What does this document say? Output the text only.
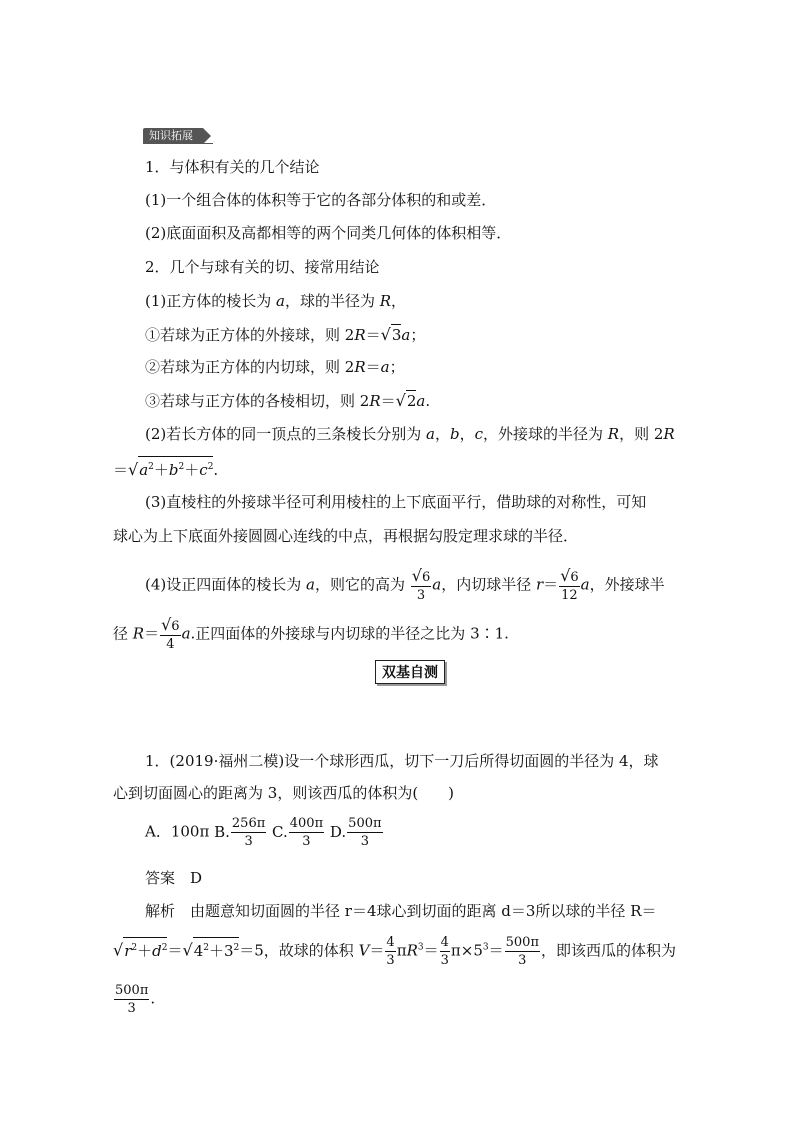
知识拓展
1．与体积有关的几个结论
(1)一个组合体的体积等于它的各部分体积的和或差．
(2)底面面积及高都相等的两个同类几何体的体积相等．
2．几个与球有关的切、接常用结论
(1)正方体的棱长为 a，球的半径为 R，
①若球为正方体的外接球，则 2R＝√3a；
②若球为正方体的内切球，则 2R＝a；
③若球与正方体的各棱相切，则 2R＝√2a.
(2)若长方体的同一顶点的三条棱长分别为 a，b，c，外接球的半径为 R，则 2R
$=√a^2+b^2+c^2$.
(3)直棱柱的外接球半径可利用棱柱的上下底面平行，借助球的对称性，可知
球心为上下底面外接圆圆心连线的中点，再根据勾股定理求球的半径．
(4)设正四面体的棱长为 a，则它的高为 $\frac{√6}{3}$ a，内切球半径 $r= \frac{√6}{12}$ a，外接球半
径 $R= \frac{√6}{4} a$.正四面体的外接球与内切球的半径之比为 3∶1.
双基自测
1．(2019·福州二模)设一个球形西瓜，切下一刀后所得切面圆的半径为 4，球
心到切面圆心的距离为 3，则该西瓜的体积为(　　)
A．100π B. $\frac{256\pi}{3} C$. $\frac{400\pi}{3} D$. $\frac{500\pi}{3}$
答案　 D
解析　 由题意知切面圆的半径 r＝4球心到切面的距离 d＝3所以球的半径 R＝
$√r^2+d^2=√4^2+3^2=5$，故球的体积 $V= \frac{4}{3} \pi R^3= \frac{4}{3} \pi\times 5^3= \frac{500\pi}{3}$ ，即该西瓜的体积为
$\frac{500\pi}{3}$ .
